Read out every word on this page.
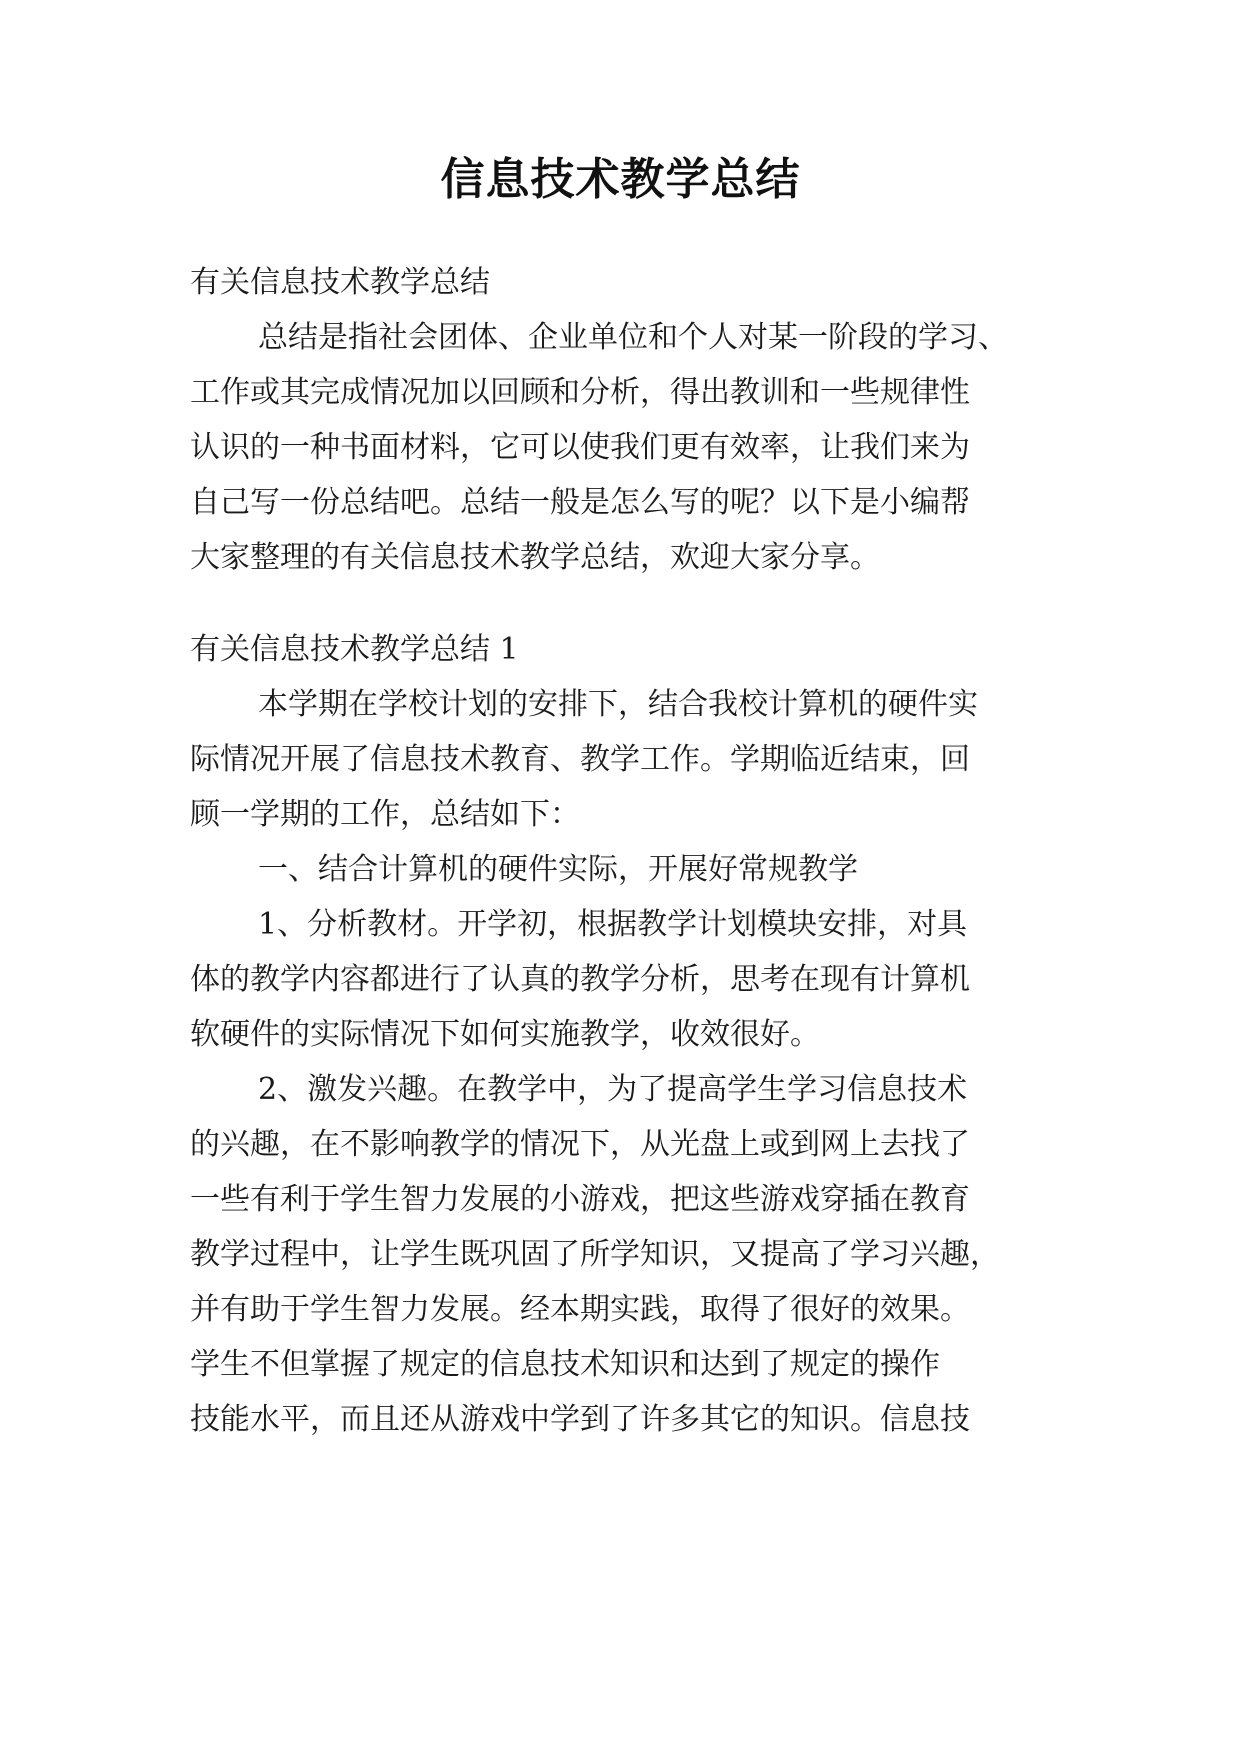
信息技术教学总结
有关信息技术教学总结
总结是指社会团体、企业单位和个人对某一阶段的学习、
工作或其完成情况加以回顾和分析，得出教训和一些规律性
认识的一种书面材料，它可以使我们更有效率，让我们来为
自己写一份总结吧。总结一般是怎么写的呢？以下是小编帮
大家整理的有关信息技术教学总结，欢迎大家分享。
有关信息技术教学总结 1
本学期在学校计划的安排下，结合我校计算机的硬件实
际情况开展了信息技术教育、教学工作。学期临近结束，回
顾一学期的工作，总结如下：
一、结合计算机的硬件实际，开展好常规教学
1、分析教材。开学初，根据教学计划模块安排，对具
体的教学内容都进行了认真的教学分析，思考在现有计算机
软硬件的实际情况下如何实施教学，收效很好。
2、激发兴趣。在教学中，为了提高学生学习信息技术
的兴趣，在不影响教学的情况下，从光盘上或到网上去找了
一些有利于学生智力发展的小游戏，把这些游戏穿插在教育
教学过程中，让学生既巩固了所学知识，又提高了学习兴趣，
并有助于学生智力发展。经本期实践，取得了很好的效果。
学生不但掌握了规定的信息技术知识和达到了规定的操作
技能水平，而且还从游戏中学到了许多其它的知识。信息技
